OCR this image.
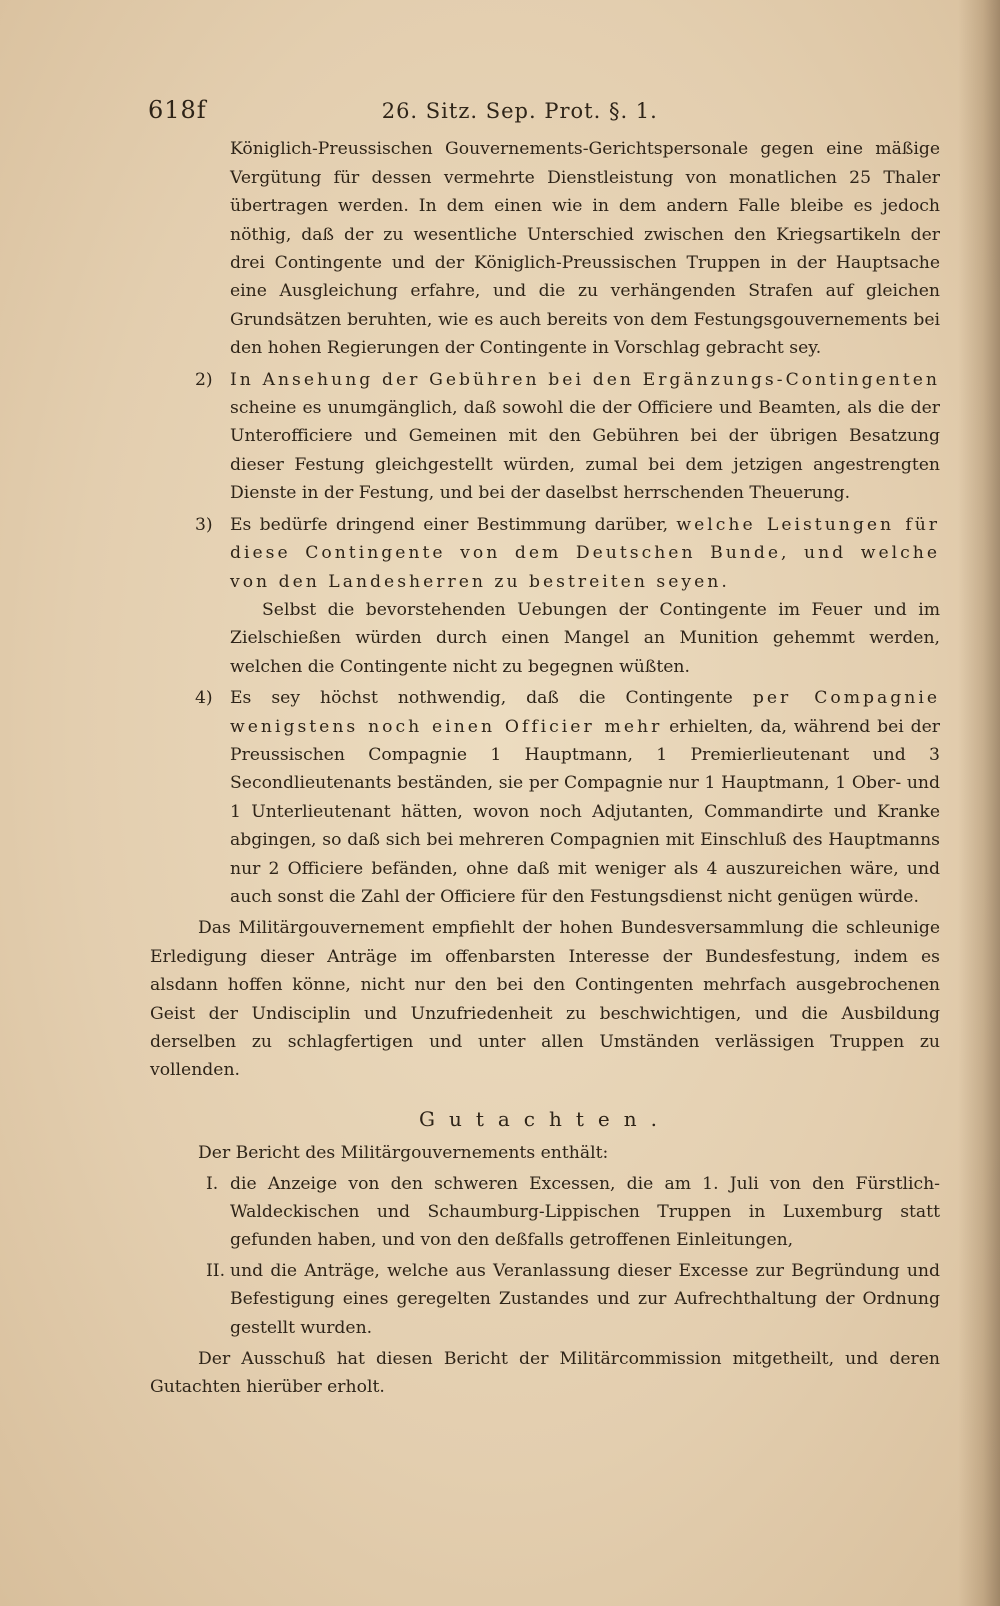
618f	26. Sitz. Sep. Prot. §. 1.

Königlich-Preussischen Gouvernements-Gerichtspersonale gegen eine mäßige Vergütung für dessen vermehrte Dienstleistung von monatlichen 25 Thaler übertragen werden. In dem einen wie in dem andern Falle bleibe es jedoch nöthig, daß der zu wesentliche Unterschied zwischen den Kriegsartikeln der drei Contingente und der Königlich-Preussischen Truppen in der Hauptsache eine Ausgleichung erfahre, und die zu verhängenden Strafen auf gleichen Grundsätzen beruhten, wie es auch bereits von dem Festungsgouvernements bei den hohen Regierungen der Contingente in Vorschlag gebracht sey.

2) In Ansehung der Gebühren bei den Ergänzungs-Contingenten scheine es unumgänglich, daß sowohl die der Officiere und Beamten, als die der Unterofficiere und Gemeinen mit den Gebühren bei der übrigen Besatzung dieser Festung gleichgestellt würden, zumal bei dem jetzigen angestrengten Dienste in der Festung, und bei der daselbst herrschenden Theuerung.

3) Es bedürfe dringend einer Bestimmung darüber, welche Leistungen für diese Contingente von dem Deutschen Bunde, und welche von den Landesherren zu bestreiten seyen.

Selbst die bevorstehenden Uebungen der Contingente im Feuer und im Zielschießen würden durch einen Mangel an Munition gehemmt werden, welchen die Contingente nicht zu begegnen wüßten.

4) Es sey höchst nothwendig, daß die Contingente per Compagnie wenigstens noch einen Officier mehr erhielten, da, während bei der Preussischen Compagnie 1 Hauptmann, 1 Premierlieutenant und 3 Secondlieutenants beständen, sie per Compagnie nur 1 Hauptmann, 1 Ober- und 1 Unterlieutenant hätten, wovon noch Adjutanten, Commandirte und Kranke abgingen, so daß sich bei mehreren Compagnien mit Einschluß des Hauptmanns nur 2 Officiere befänden, ohne daß mit weniger als 4 auszureichen wäre, und auch sonst die Zahl der Officiere für den Festungsdienst nicht genügen würde.

Das Militärgouvernement empfiehlt der hohen Bundesversammlung die schleunige Erledigung dieser Anträge im offenbarsten Interesse der Bundesfestung, indem es alsdann hoffen könne, nicht nur den bei den Contingenten mehrfach ausgebrochenen Geist der Undisciplin und Unzufriedenheit zu beschwichtigen, und die Ausbildung derselben zu schlagfertigen und unter allen Umständen verlässigen Truppen zu vollenden.

Gutachten.

Der Bericht des Militärgouvernements enthält:

I. die Anzeige von den schweren Excessen, die am 1. Juli von den Fürstlich-Waldeckischen und Schaumburg-Lippischen Truppen in Luxemburg statt gefunden haben, und von den deßfalls getroffenen Einleitungen,

II. und die Anträge, welche aus Veranlassung dieser Excesse zur Begründung und Befestigung eines geregelten Zustandes und zur Aufrechthaltung der Ordnung gestellt wurden.

Der Ausschuß hat diesen Bericht der Militärcommission mitgetheilt, und deren Gutachten hierüber erholt.
